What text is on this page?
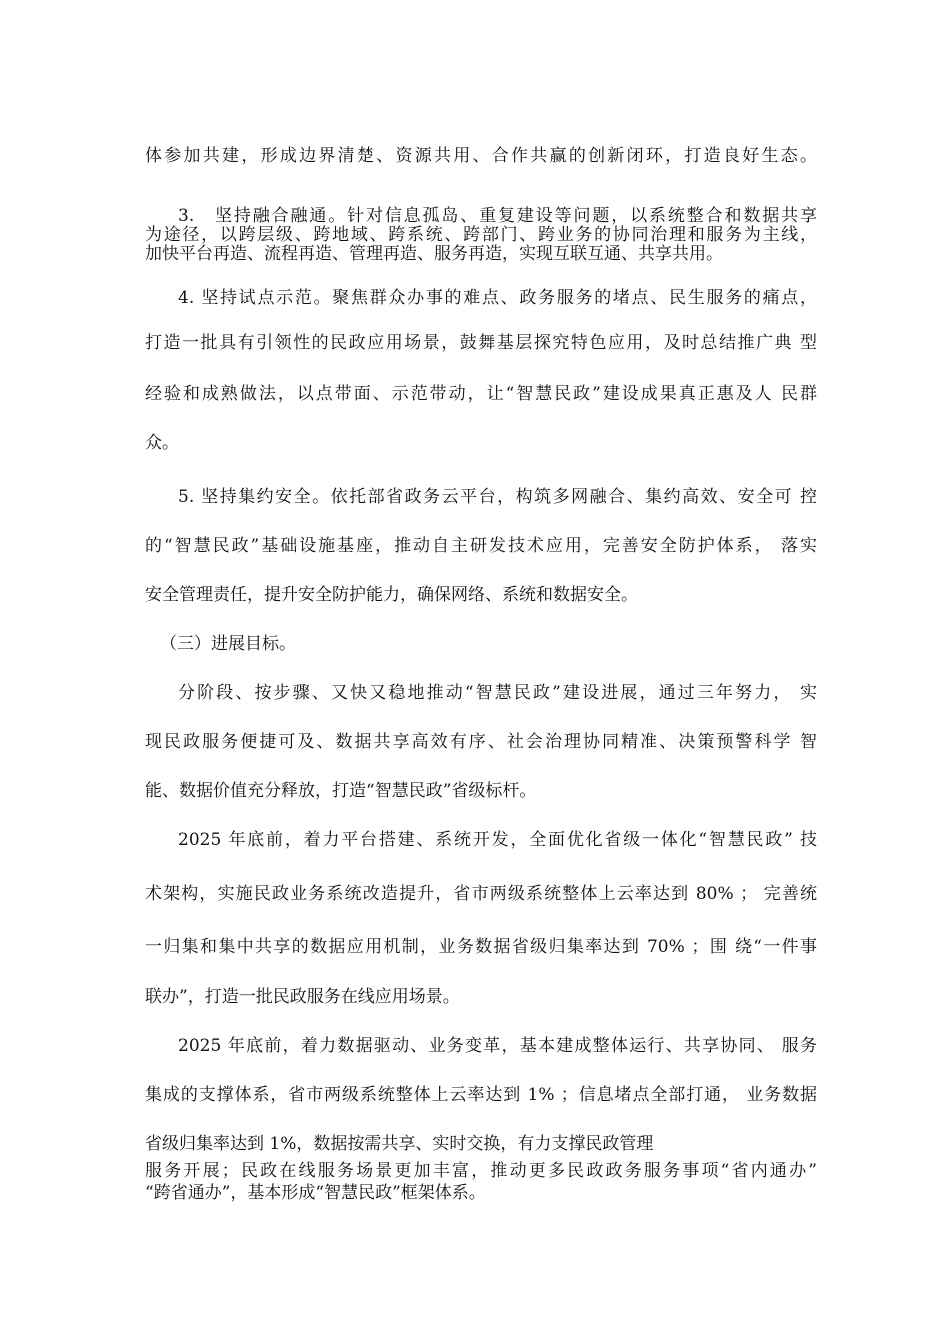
体参加共建，形成边界清楚、资源共用、合作共赢的创新闭环，打造良好生态。
3.　坚持融合融通。针对信息孤岛、重复建设等问题，以系统整合和数据共享
为途径，以跨层级、跨地域、跨系统、跨部门、跨业务的协同治理和服务为主线，
加快平台再造、流程再造、管理再造、服务再造，实现互联互通、共享共用。
4. 坚持试点示范。聚焦群众办事的难点、政务服务的堵点、民生服务的痛点，
打造一批具有引领性的民政应用场景，鼓舞基层探究特色应用，及时总结推广典 型
经验和成熟做法，以点带面、示范带动，让“智慧民政”建设成果真正惠及人 民群
众。
5. 坚持集约安全。依托部省政务云平台，构筑多网融合、集约高效、安全可 控
的“智慧民政”基础设施基座，推动自主研发技术应用，完善安全防护体系， 落实
安全管理责任，提升安全防护能力，确保网络、系统和数据安全。
（三）进展目标。
分阶段、按步骤、又快又稳地推动“智慧民政”建设进展，通过三年努力， 实
现民政服务便捷可及、数据共享高效有序、社会治理协同精准、决策预警科学 智
能、数据价值充分释放，打造“智慧民政”省级标杆。
2025 年底前，着力平台搭建、系统开发，全面优化省级一体化“智慧民政” 技
术架构，实施民政业务系统改造提升，省市两级系统整体上云率达到 80% ； 完善统
一归集和集中共享的数据应用机制，业务数据省级归集率达到 70% ；围 绕“一件事
联办”，打造一批民政服务在线应用场景。
2025 年底前，着力数据驱动、业务变革，基本建成整体运行、共享协同、 服务
集成的支撑体系，省市两级系统整体上云率达到 1% ；信息堵点全部打通， 业务数据
省级归集率达到 1%，数据按需共享、实时交换，有力支撑民政管理
服务开展；民政在线服务场景更加丰富，推动更多民政政务服务事项“省内通办”
“跨省通办”，基本形成“智慧民政”框架体系。
